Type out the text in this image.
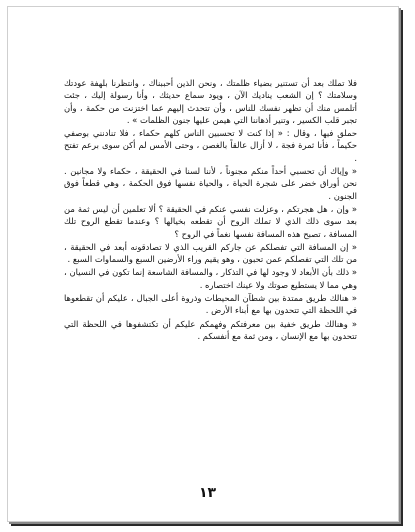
فلا تملك بعد أن تستنير بضياء ظلمتك ، ونحن الذين أحببناك ، وانتظرنا بلهفة عودتك وسلامتك ؟ إن الشعب يناديك الآن ، ويود سماع حديثك ، وأنا رسولة إليك ، جئت أتلمس منك أن تظهر نفسك للناس ، وأن تتحدث إليهم عما اختزنت من حكمة ، وأن تجبر قلب الكسير ، وتنير أذهاننا التي هيمن عليها جنون الظلمات » .

حملق فيها ، وقال : « إذا كنت لا تحسبين الناس كلهم حكماء ، فلا تنادنني بوصفي حكيماً ، فأنا ثمرة فجة ، لا أزال عالقاً بالغصن ، وحتى الأمس لم أكن سوى برعم تفتح .

« وإياك أن تحسبي أحداً منكم مجنوناً ، لأننا لسنا في الحقيقة ، حكماء ولا مجانين . نحن أوراق خضر على شجرة الحياة ، والحياة نفسها فوق الحكمة ، وهي قطعاً فوق الجنون .

« وإن ، هل هجرتكم ، وعزلت نفسي عنكم في الحقيقة ؟ ألا تعلمين أن ليس ثمة من بعد سوى ذلك الذي لا تملك الروح أن تقطعه بخيالها ؟ وعندما تقطع الروح تلك المسافة ، تصبح هذه المسافة نفسها نغماً في الروح ؟

« إن المسافة التي تفصلكم عن جاركم القريب الذي لا تصادقونه أبعد في الحقيقة ، من تلك التي تفصلكم عمن تحبون ، وهو يقيم وراء الأرضين السبع والسماوات السبع .

« ذلك بأن الأبعاد لا وجود لها في التذكار ، والمسافة الشاسعة إنما تكون في النسيان ، وهي مما لا يستطيع صوتك ولا عينك اختصاره .

« هنالك طريق ممتدة بين شطآن المحيطات وذروة أعلى الجبال ، عليكم أن تقطعوها في اللحظة التي تتحدون بها مع أبناء الأرض .

« وهنالك طريق خفية بين معرفتكم وفهمكم عليكم أن تكتشفوها في اللحظة التي تتحدون بها مع الإنسان ، ومن ثمة مع أنفسكم .

١٣
